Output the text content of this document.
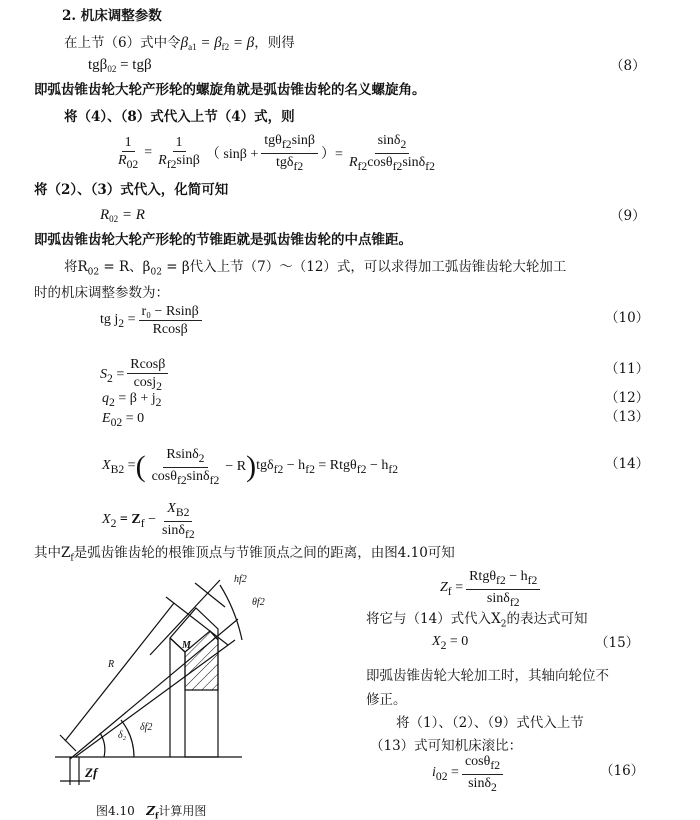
2. 机床调整参数
在上节（6）式中令$\beta_{a1} = \beta_{f2} = \beta$，则得
tgβ$_{02}$ = tgβ	（8）
即弧齿锥齿轮大轮产形轮的螺旋角就是弧齿锥齿轮的名义螺旋角。
将（4）、（8）式代入上节（4）式，则
$\frac{1}{R_{02}} = \frac{1}{R_{f2}\sin\beta}$ （ $\sin\beta + \frac{tg\theta_{f2}\sin\beta}{tg\delta_{f2}}$ ）= $\frac{\sin\delta_2}{R_{f2}\cos\theta_{f2}\sin\delta_{f2}}$
将（2）、（3）式代入，化简可知
$R_{02} = R$	（9）
即弧齿锥齿轮大轮产形轮的节锥距就是弧齿锥齿轮的中点锥距。
将$R_{02} = R$、$\beta_{02} = \beta$代入上节（7）～（12）式，可以求得加工弧齿锥齿轮大轮加工
时的机床调整参数为：
tg $j_2 = \frac{\text{r₀ − Rsinβ}}{Rcos\beta}$	（10）
$S_2 = \frac{Rcos\beta}{\cos j_2}$	（11）
$q_2 = \beta + j_2$	（12）
$E_{02} = 0$	（13）
$X_{B2}$ = ( $\frac{Rsin\delta_2}{\cos\theta_{f2}\sin\delta_{f2}} - R$ ) $tg\delta_{f2} - h_{f2} = Rtg\theta_{f2} - h_{f2}$	（14）
$X_2 = Z_f - \frac{X_{B2}}{\sin\delta_{f2}}$
其中$Z_f$是弧齿锥齿轮的根锥顶点与节锥顶点之间的距离，由图4.10可知
$Z_f = \frac{Rtg\theta_{f2} - h_{f2}}{\sin\delta_{f2}}$
将它与（14）式代入$X_2$的表达式可知
$X_2 = 0$	（15）
即弧齿锥齿轮大轮加工时，其轴向轮位不
修正。
将（1）、（2）、（9）式代入上节
（13）式可知机床滚比：
$i_{02} = \frac{\cos\theta_{f2}}{\sin\delta_2}$	（16）
R
M
δ₂
δf2
hf2
θf2
Zf
图4.10 $Z_f$计算用图
